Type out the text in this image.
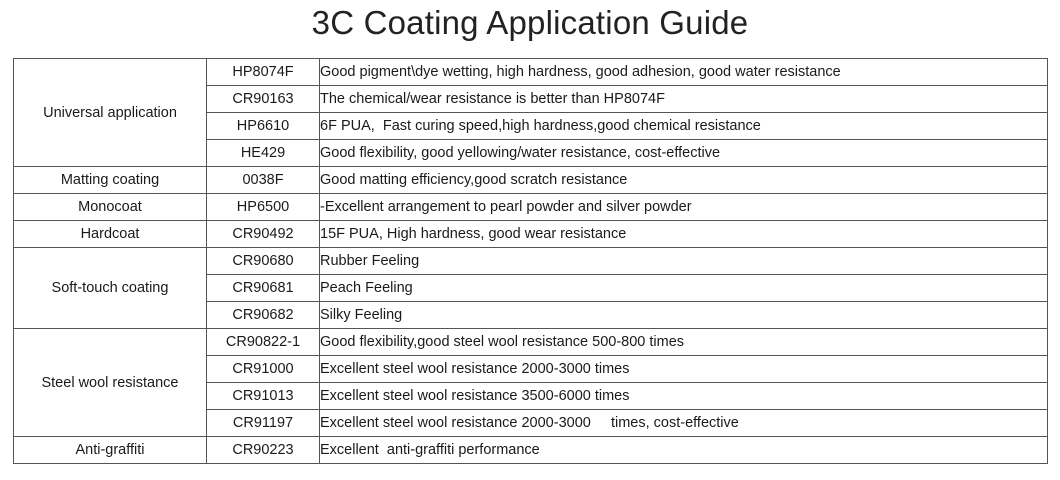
3C Coating Application Guide
Universal application	HP8074F	Good pigment\dye wetting, high hardness, good adhesion, good water resistance
	CR90163	The chemical/wear resistance is better than HP8074F
	HP6610	6F PUA,  Fast curing speed,high hardness,good chemical resistance
	HE429	Good flexibility, good yellowing/water resistance, cost-effective
Matting coating	0038F	Good matting efficiency,good scratch resistance
Monocoat	HP6500	-Excellent arrangement to pearl powder and silver powder
Hardcoat	CR90492	15F PUA, High hardness, good wear resistance
Soft-touch coating	CR90680	Rubber Feeling
	CR90681	Peach Feeling
	CR90682	Silky Feeling
Steel wool resistance	CR90822-1	Good flexibility,good steel wool resistance 500-800 times
	CR91000	Excellent steel wool resistance 2000-3000 times
	CR91013	Excellent steel wool resistance 3500-6000 times
	CR91197	Excellent steel wool resistance 2000-3000     times, cost-effective
Anti-graffiti	CR90223	Excellent  anti-graffiti performance
